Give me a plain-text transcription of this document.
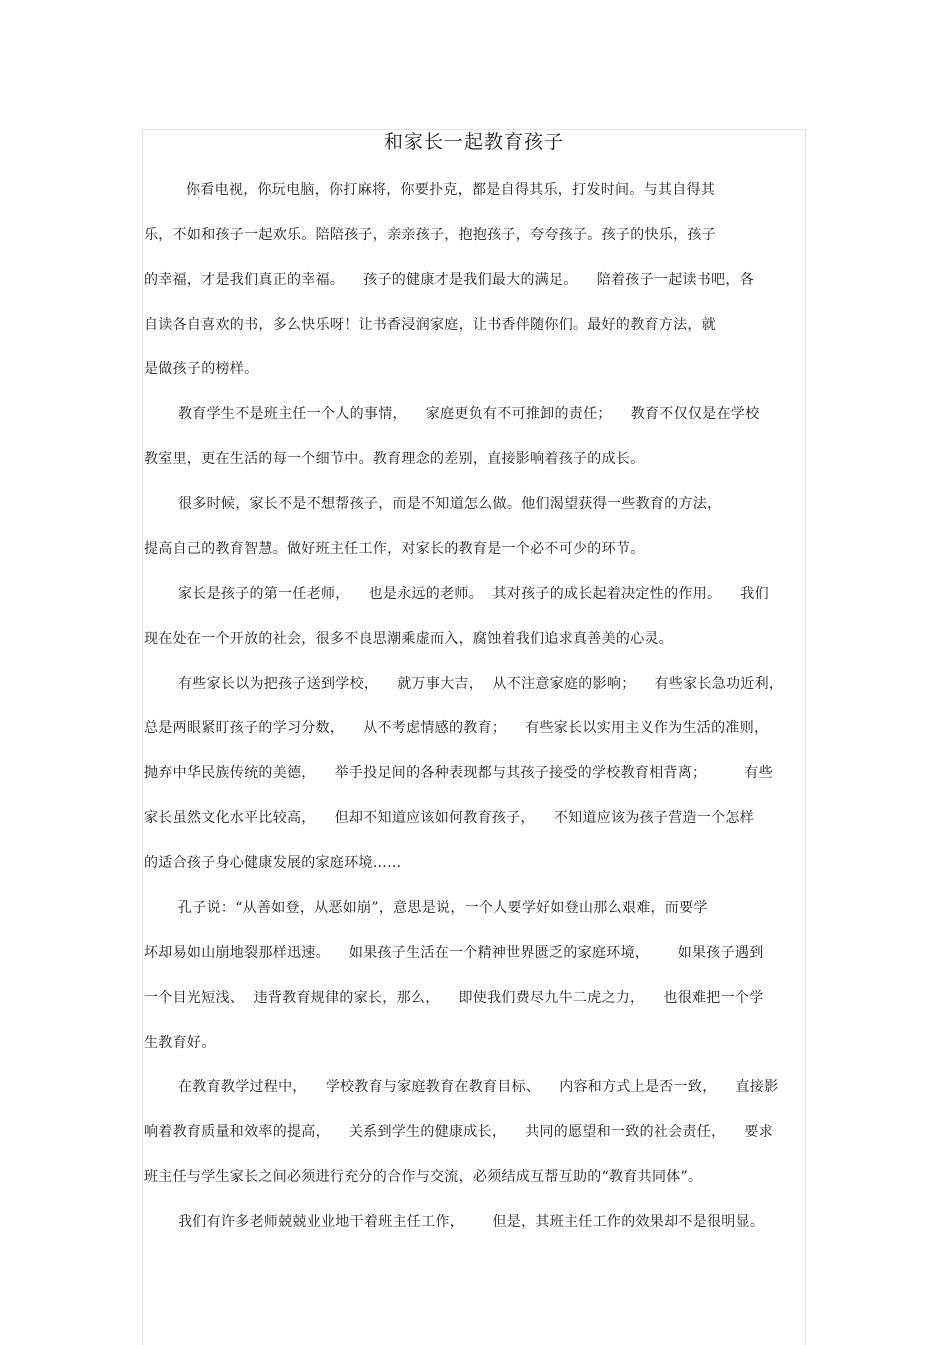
和家长一起教育孩子
你看电视，你玩电脑，你打麻将，你要扑克，都是自得其乐，打发时间。与其自得其
乐，不如和孩子一起欢乐。陪陪孩子，亲亲孩子，抱抱孩子，夸夸孩子。孩子的快乐，孩子
的幸福，才是我们真正的幸福。    孩子的健康才是我们最大的满足。    陪着孩子一起读书吧，各
自读各自喜欢的书，多么快乐呀！让书香浸润家庭，让书香伴随你们。最好的教育方法，就
是做孩子的榜样。
教育学生不是班主任一个人的事情，    家庭更负有不可推卸的责任；    教育不仅仅是在学校
教室里，更在生活的每一个细节中。教育理念的差别，直接影响着孩子的成长。
很多时候，家长不是不想帮孩子，而是不知道怎么做。他们渴望获得一些教育的方法，
提高自己的教育智慧。做好班主任工作，对家长的教育是一个必不可少的环节。
家长是孩子的第一任老师，    也是永远的老师。  其对孩子的成长起着决定性的作用。    我们
现在处在一个开放的社会，很多不良思潮乘虚而入，腐蚀着我们追求真善美的心灵。
有些家长以为把孩子送到学校，    就万事大吉，  从不注意家庭的影响；    有些家长急功近利，
总是两眼紧盯孩子的学习分数，    从不考虑情感的教育；    有些家长以实用主义作为生活的准则，
抛弃中华民族传统的美德，    举手投足间的各种表现都与其孩子接受的学校教育相背离；        有些
家长虽然文化水平比较高，    但却不知道应该如何教育孩子，    不知道应该为孩子营造一个怎样
的适合孩子身心健康发展的家庭环境……
孔子说：“从善如登，从恶如崩”，意思是说，一个人要学好如登山那么艰难，而要学
坏却易如山崩地裂那样迅速。    如果孩子生活在一个精神世界匮乏的家庭环境，      如果孩子遇到
一个目光短浅、  违背教育规律的家长，那么，    即使我们费尽九牛二虎之力，    也很难把一个学
生教育好。
在教育教学过程中，    学校教育与家庭教育在教育目标、    内容和方式上是否一致，    直接影
响着教育质量和效率的提高，    关系到学生的健康成长，    共同的愿望和一致的社会责任，    要求
班主任与学生家长之间必须进行充分的合作与交流，必须结成互帮互助的“教育共同体”。
我们有许多老师兢兢业业地干着班主任工作，      但是，其班主任工作的效果却不是很明显。
